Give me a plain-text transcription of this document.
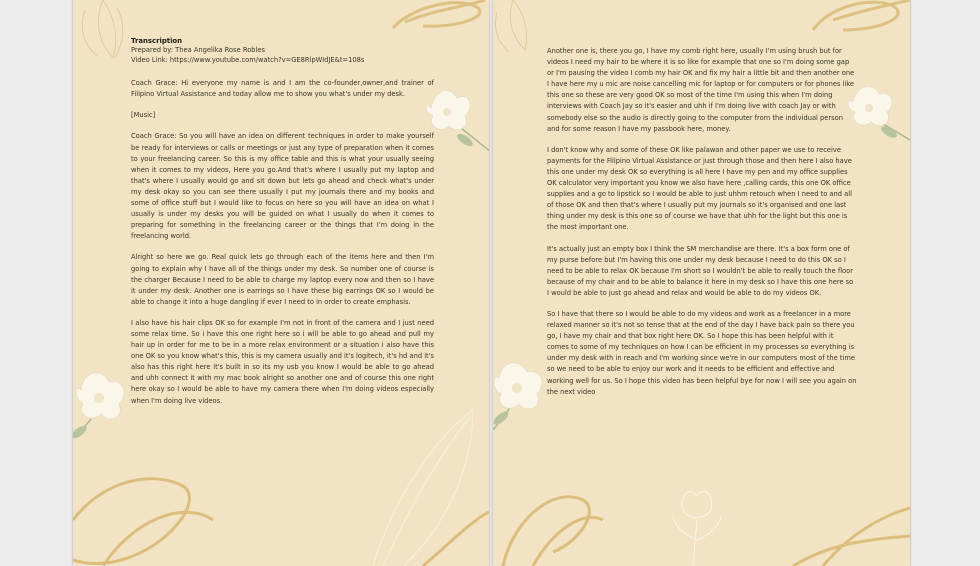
Transcription
Prepared by: Thea Angelika Rose Robles
Video Link: https://www.youtube.com/watch?v=GE8RlpWIdJE&t=108s

Coach Grace: Hi everyone my name is and I am the co-founder,owner,and trainer of Filipino Virtual Assistance and today allow me to show you what's under my desk.

[Music]

Coach Grace: So you will have an idea on different techniques in order to make yourself be ready for interviews or calls or meetings or just any type of preparation when it comes to your freelancing career. So this is my office table and this is what your usually seeing when it comes to my videos, Here you go.And that's where I usually put my laptop and that's where I usually would go and sit down but lets go ahead and check what's under my desk okay so you can see there usually I put my journals there and my books and some of office stuff but I would like to focus on here so you will have an idea on what I usually is under my desks you will be guided on what I usually do when it comes to preparing for something in the freelancing career or the things that I'm doing in the freelancing world.

Alright so here we go. Real quick lets go through each of the items here and then I'm going to explain why I have all of the things under my desk. So number one of course is the charger Because I need to be able to charge my laptop every now and then so I have it under my desk. Another one is earrings so I have these big earrings OK so I would be able to change it into a huge dangling if ever I need to in order to create emphasis.

I also have his hair clips OK so for example I'm not in front of the camera and I just need some relax time. So i have this one right here so i will be able to go ahead and pull my hair up in order for me to be in a more relax environment or a situation i also have this one OK so you know what's this, this is my camera usually and it's logitech, it's hd and it's also has this right here it's built in so its my usb you know I would be able to go ahead and uhh connect it with my mac book alright so another one and of course this one right here okay so I would be able to have my camera there when I'm doing videos especially when I'm doing live videos.

Another one is, there you go, I have my comb right here, usually I'm using brush but for videos I need my hair to be where it is so like for example that one so I'm doing some gap or I'm pausing the video I comb my hair OK and fix my hair a little bit and then another one I have here my u mic are noise cancelling mic for laptop or for computers or for phones like this one so these are very good OK so most of the time I'm using this when I'm doing interviews with Coach Jay so it's easier and uhh if I'm doing live with coach Jay or with somebody else so the audio is directly going to the computer from the individual person and for some reason I have my passbook here, money.

I don't know why and some of these OK like palawan and other paper we use to receive payments for the Filipino Virtual Assistance or just through those and then here I also have this one under my desk OK so everything is all here I have my pen and my office supplies OK calculator very important you know we also have here ,calling cards, this one OK office supplies and a go to lipstick so I would be able to just uhhm retouch when I need to and all of those OK and then that's where I usually put my journals so it's organised and one last thing under my desk is this one so of course we have that uhh for the light but this one is the most important one.

It's actually just an empty box I think the SM merchandise are there. It's a box form one of my purse before but I'm having this one under my desk because I need to do this OK so I need to be able to relax OK because I'm short so I wouldn't be able to really touch the floor because of my chair and to be able to balance it here in my desk so I have this one here so I would be able to just go ahead and relax and would be able to do my videos OK.

So I have that there so I would be able to do my videos and work as a freelancer in a more relaxed manner so it's not so tense that at the end of the day I have back pain so there you go, I have my chair and that box right here OK. So I hope this has been helpful with it comes to some of my techniques on how I can be efficient in my processes so everything is under my desk with in reach and I'm working since we're in our computers most of the time so we need to be able to enjoy our work and it needs to be efficient and effective and working well for us. So I hope this video has been helpful bye for now I will see you again on the next video
